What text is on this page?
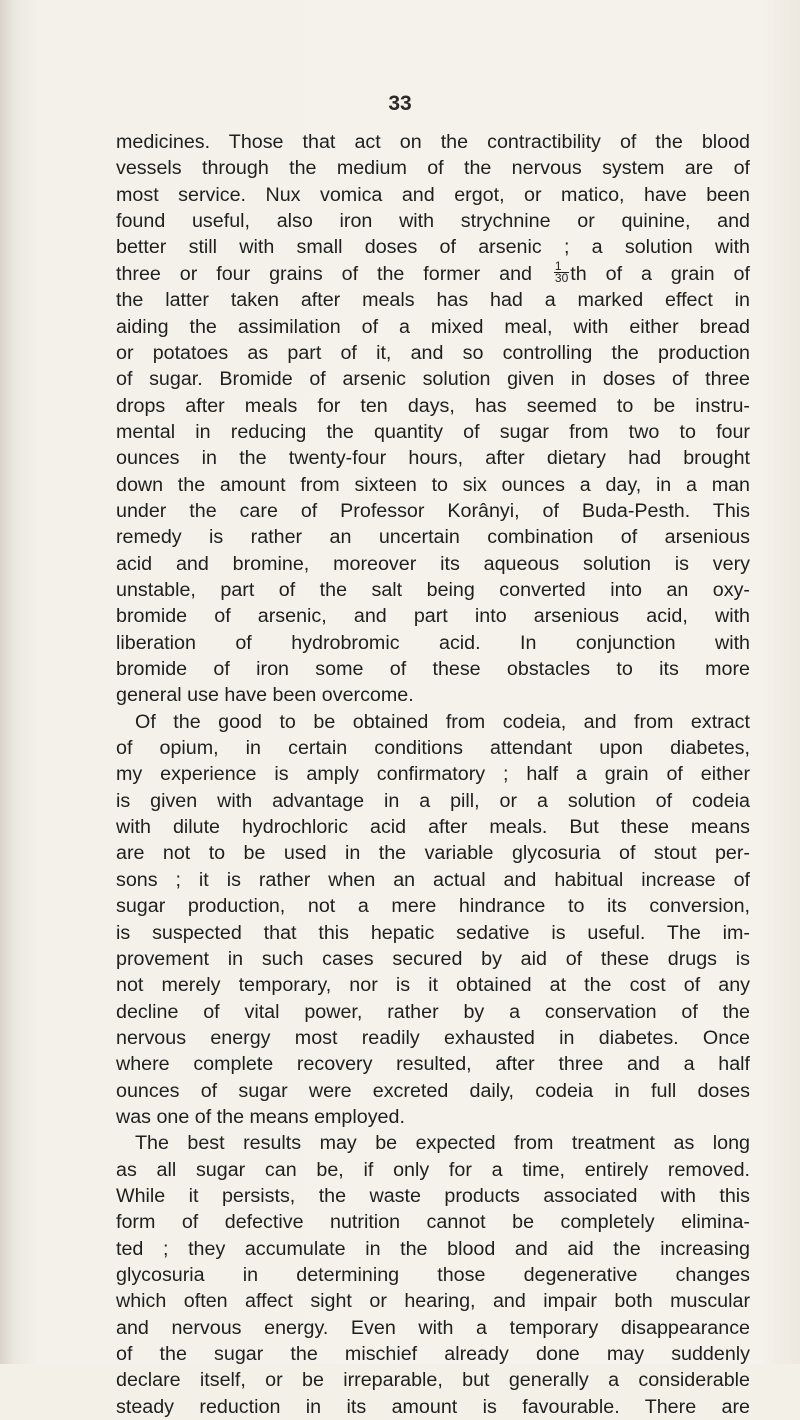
33
medicines. Those that act on the contractibility of the blood
vessels through the medium of the nervous system are of
most service. Nux vomica and ergot, or matico, have been
found useful, also iron with strychnine or quinine, and
better still with small doses of arsenic ; a solution with
three or four grains of the former and $\frac{1}{30}$ th of a grain of
the latter taken after meals has had a marked effect in
aiding the assimilation of a mixed meal, with either bread
or potatoes as part of it, and so controlling the production
of sugar. Bromide of arsenic solution given in doses of three
drops after meals for ten days, has seemed to be instru-
mental in reducing the quantity of sugar from two to four
ounces in the twenty-four hours, after dietary had brought
down the amount from sixteen to six ounces a day, in a man
under the care of Professor Korânyi, of Buda-Pesth. This
remedy is rather an uncertain combination of arsenious
acid and bromine, moreover its aqueous solution is very
unstable, part of the salt being converted into an oxy-
bromide of arsenic, and part into arsenious acid, with
liberation of hydrobromic acid. In conjunction with
bromide of iron some of these obstacles to its more
general use have been overcome.
Of the good to be obtained from codeia, and from extract
of opium, in certain conditions attendant upon diabetes,
my experience is amply confirmatory ; half a grain of either
is given with advantage in a pill, or a solution of codeia
with dilute hydrochloric acid after meals. But these means
are not to be used in the variable glycosuria of stout per-
sons ; it is rather when an actual and habitual increase of
sugar production, not a mere hindrance to its conversion,
is suspected that this hepatic sedative is useful. The im-
provement in such cases secured by aid of these drugs is
not merely temporary, nor is it obtained at the cost of any
decline of vital power, rather by a conservation of the
nervous energy most readily exhausted in diabetes. Once
where complete recovery resulted, after three and a half
ounces of sugar were excreted daily, codeia in full doses
was one of the means employed.
The best results may be expected from treatment as long
as all sugar can be, if only for a time, entirely removed.
While it persists, the waste products associated with this
form of defective nutrition cannot be completely elimina-
ted ; they accumulate in the blood and aid the increasing
glycosuria in determining those degenerative changes
which often affect sight or hearing, and impair both muscular
and nervous energy. Even with a temporary disappearance
of the sugar the mischief already done may suddenly
declare itself, or be irreparable, but generally a considerable
steady reduction in its amount is favourable. There are
